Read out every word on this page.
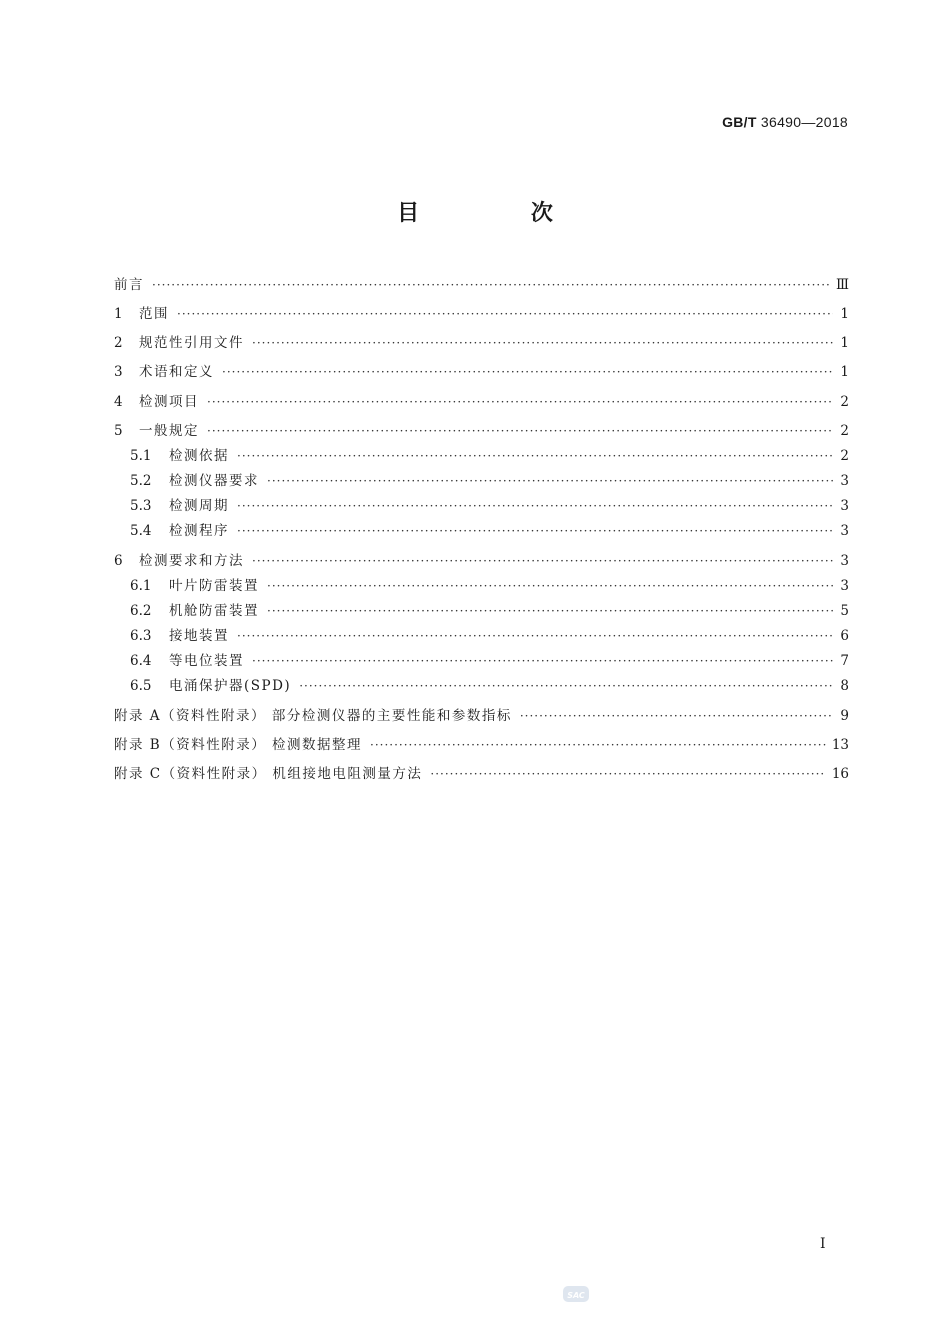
GB/T 36490—2018
目 次
前言 ·····	Ⅲ
1	范围 ·····	1
2	规范性引用文件 ·····	1
3	术语和定义 ·····	1
4	检测项目 ·····	2
5	一般规定 ·····	2
5.1	检测依据 ·····	2
5.2	检测仪器要求 ·····	3
5.3	检测周期 ·····	3
5.4	检测程序 ·····	3
6	检测要求和方法 ·····	3
6.1	叶片防雷装置 ·····	3
6.2	机舱防雷装置 ·····	5
6.3	接地装置 ·····	6
6.4	等电位装置 ·····	7
6.5	电涌保护器(SPD) ·····	8
附录 A（资料性附录） 部分检测仪器的主要性能和参数指标 ·····	9
附录 B（资料性附录） 检测数据整理 ·····	13
附录 C（资料性附录） 机组接地电阻测量方法 ·····	16
I
SAC
